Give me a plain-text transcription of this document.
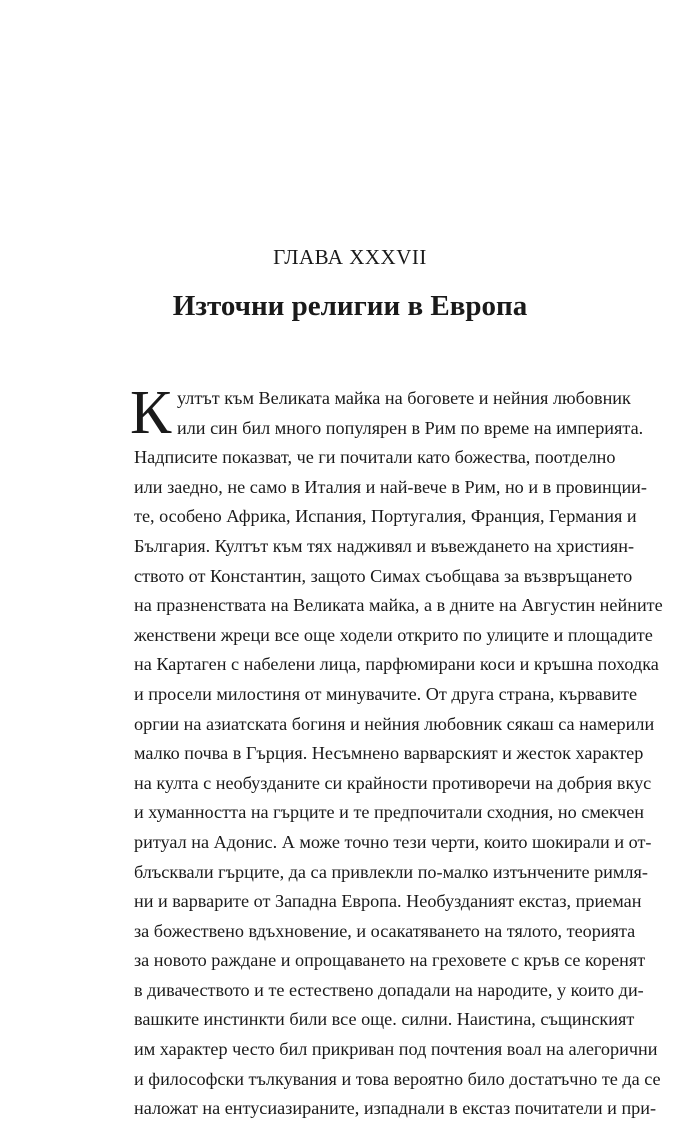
ГЛАВА XXXVII
Източни религии в Европа
К ултът към Великата майка на боговете и нейния любовник
или син бил много популярен в Рим по време на империята.
Надписите показват, че ги почитали като божества, поотделно
или заедно, не само в Италия и най-вече в Рим, но и в провинции-
те, особено Африка, Испания, Португалия, Франция, Германия и
България. Култът към тях надживял и въвеждането на християн-
ството от Константин, защото Симах съобщава за възвръщането
на празненствата на Великата майка, а в дните на Августин нейните
женствени жреци все още ходели открито по улиците и площадите
на Картаген с набелени лица, парфюмирани коси и кръшна походка
и просели милостиня от минувачите. От друга страна, кървавите
оргии на азиатската богиня и нейния любовник сякаш са намерили
малко почва в Гърция. Несъмнено варварският и жесток характер
на култа с необузданите си крайности противоречи на добрия вкус
и хуманността на гърците и те предпочитали сходния, но смекчен
ритуал на Адонис. А може точно тези черти, които шокирали и от-
блъсквали гърците, да са привлекли по-малко изтънчените римля-
ни и варварите от Западна Европа. Необузданият екстаз, приеман
за божествено вдъхновение, и осакатяването на тялото, теорията
за новото раждане и опрощаването на греховете с кръв се коренят
в дивачеството и те естествено допадали на народите, у които ди-
вашките инстинкти били все още. силни. Наистина, същинският
им характер често бил прикриван под почтения воал на алегорични
и философски тълкувания и това вероятно било достатъчно те да се
наложат на ентусиазираните, изпаднали в екстаз почитатели и при-
